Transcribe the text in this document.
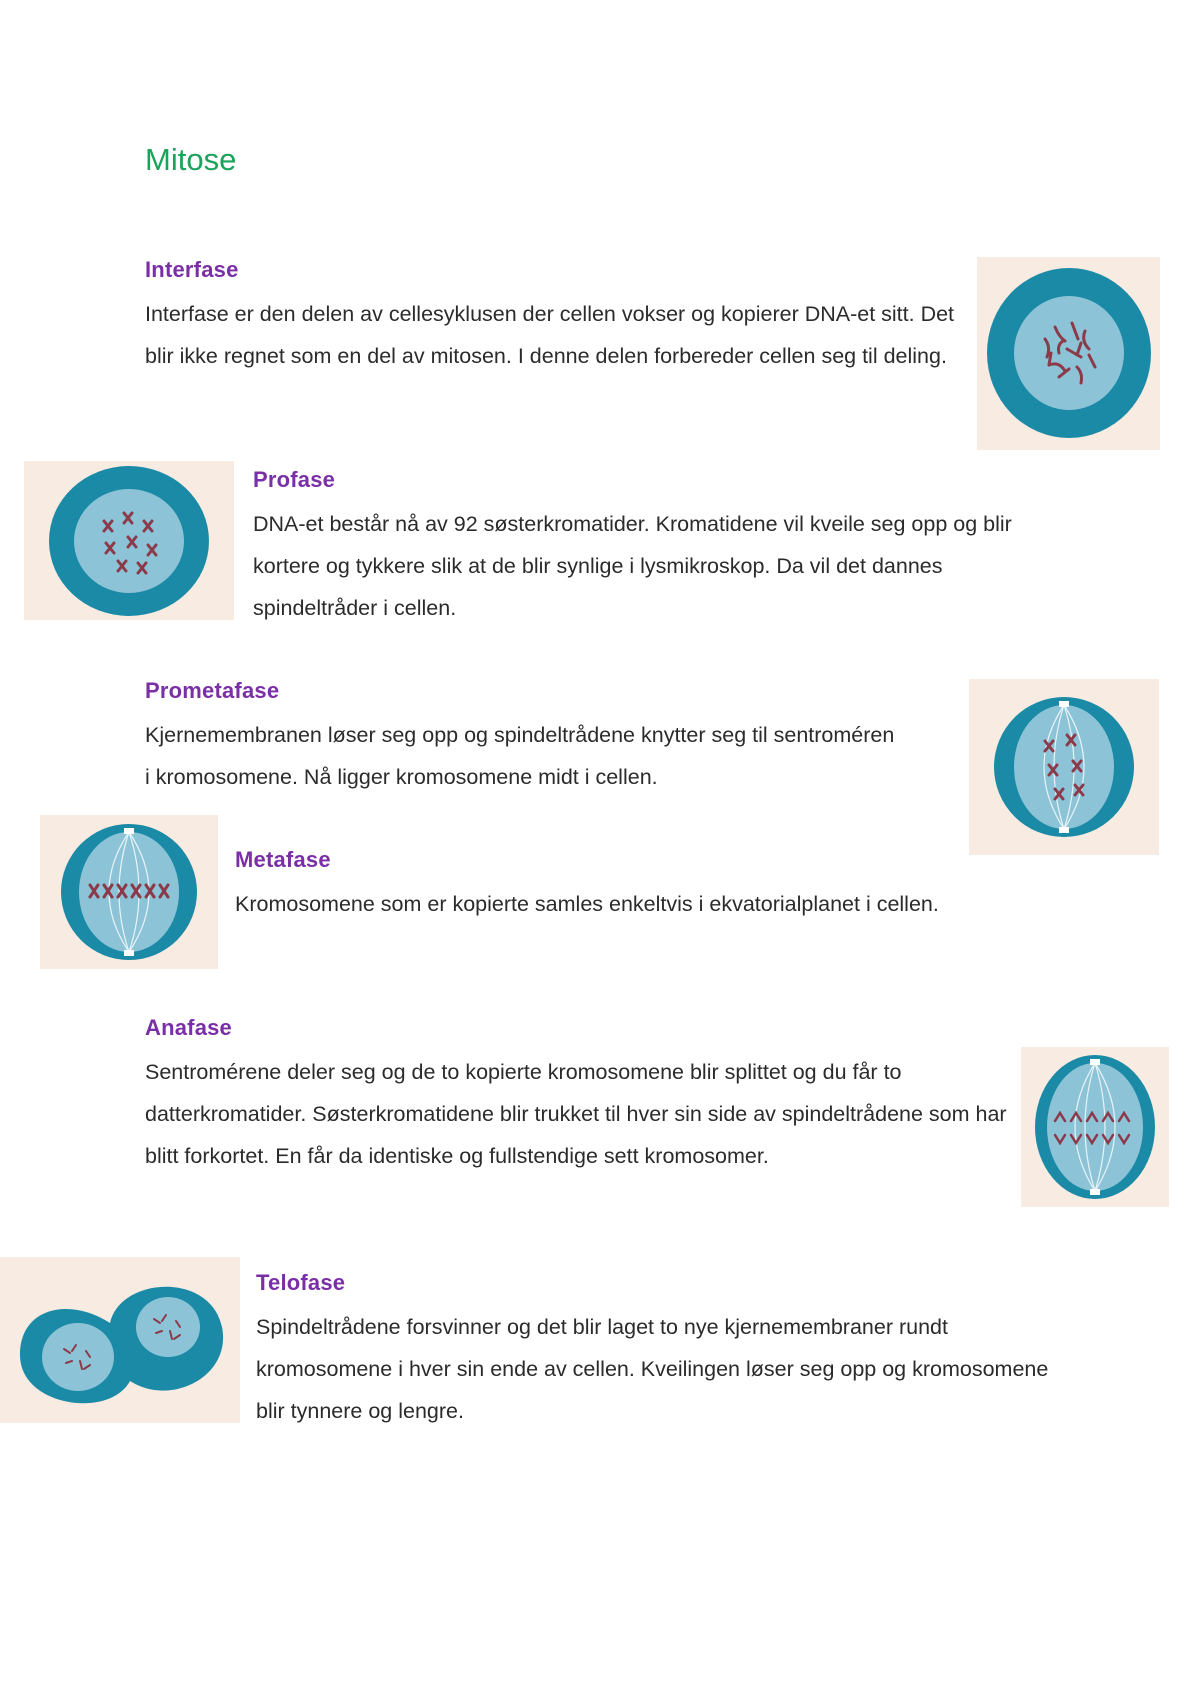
Mitose
Interfase

Interfase er den delen av cellesyklusen der cellen vokser og kopierer DNA-et sitt. Det blir ikke regnet som en del av mitosen. I denne delen forbereder cellen seg til deling.

Profase

DNA-et består nå av 92 søsterkromatider. Kromatidene vil kveile seg opp og blir kortere og tykkere slik at de blir synlige i lysmikroskop. Da vil det dannes spindeltråder i cellen.

Prometafase

Kjernemembranen løser seg opp og spindeltrådene knytter seg til sentroméren i kromosomene. Nå ligger kromosomene midt i cellen.

Metafase

Kromosomene som er kopierte samles enkeltvis i ekvatorialplanet i cellen.

Anafase

Sentromérene deler seg og de to kopierte kromosomene blir splittet og du får to datterkromatider. Søsterkromatidene blir trukket til hver sin side av spindeltrådene som har blitt forkortet. En får da identiske og fullstendige sett kromosomer.

Telofase

Spindeltrådene forsvinner og det blir laget to nye kjernemembraner rundt kromosomene i hver sin ende av cellen. Kveilingen løser seg opp og kromosomene blir tynnere og lengre.
